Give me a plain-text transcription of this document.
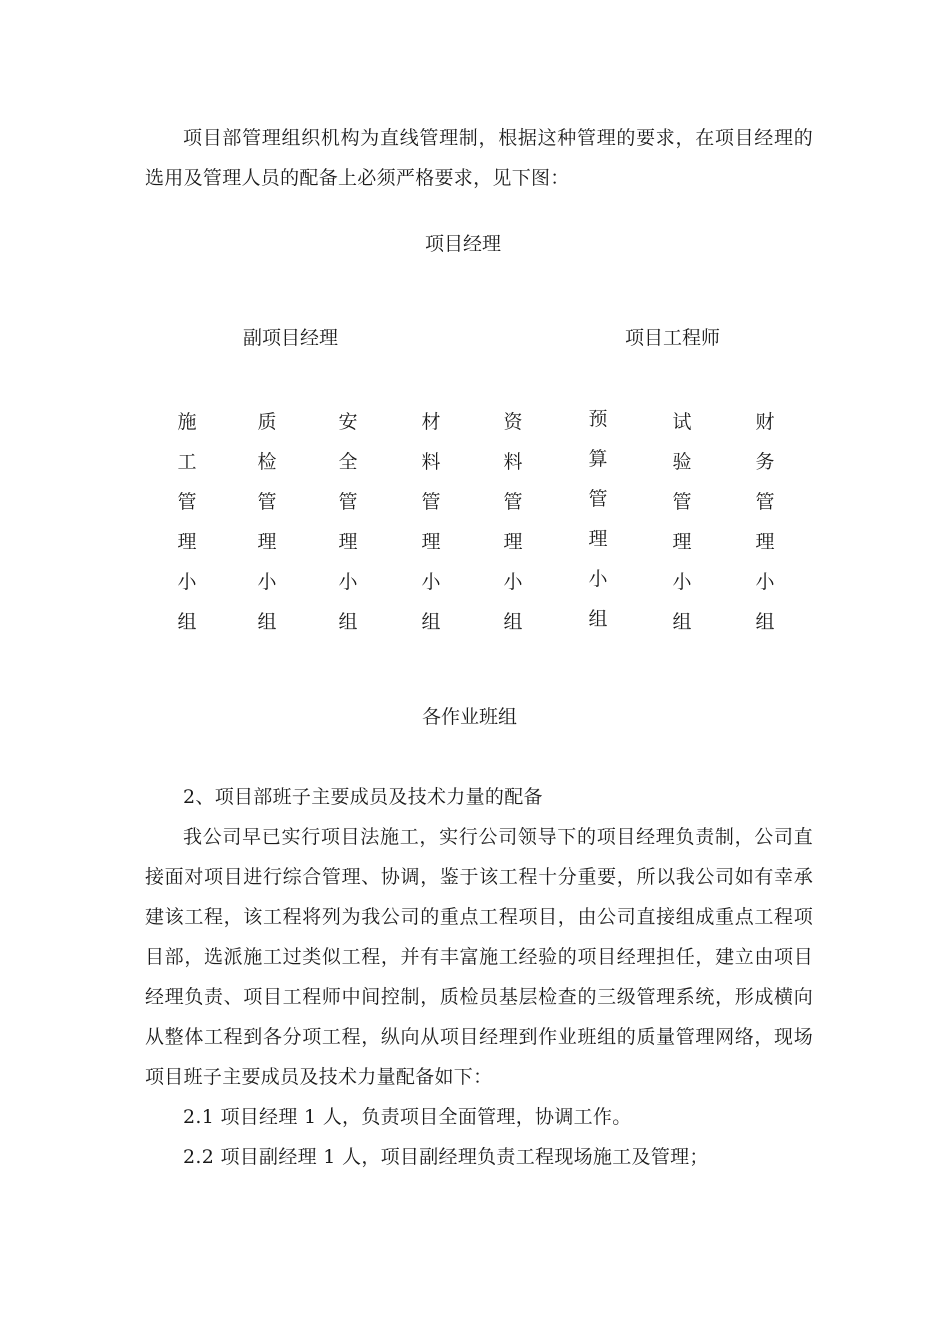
项目部管理组织机构为直线管理制，根据这种管理的要求，在项目经理的选用及管理人员的配备上必须严格要求，见下图：

项目经理
副项目经理	项目工程师
施工管理小组
质检管理小组
安全管理小组
材料管理小组
资料管理小组
预算管理小组
试验管理小组
财务管理小组
各作业班组

2、项目部班子主要成员及技术力量的配备

我公司早已实行项目法施工，实行公司领导下的项目经理负责制，公司直接面对项目进行综合管理、协调，鉴于该工程十分重要，所以我公司如有幸承建该工程，该工程将列为我公司的重点工程项目，由公司直接组成重点工程项目部，选派施工过类似工程，并有丰富施工经验的项目经理担任，建立由项目经理负责、项目工程师中间控制，质检员基层检查的三级管理系统，形成横向从整体工程到各分项工程，纵向从项目经理到作业班组的质量管理网络，现场项目班子主要成员及技术力量配备如下：

2.1 项目经理 1 人，负责项目全面管理，协调工作。

2.2 项目副经理 1 人，项目副经理负责工程现场施工及管理；
